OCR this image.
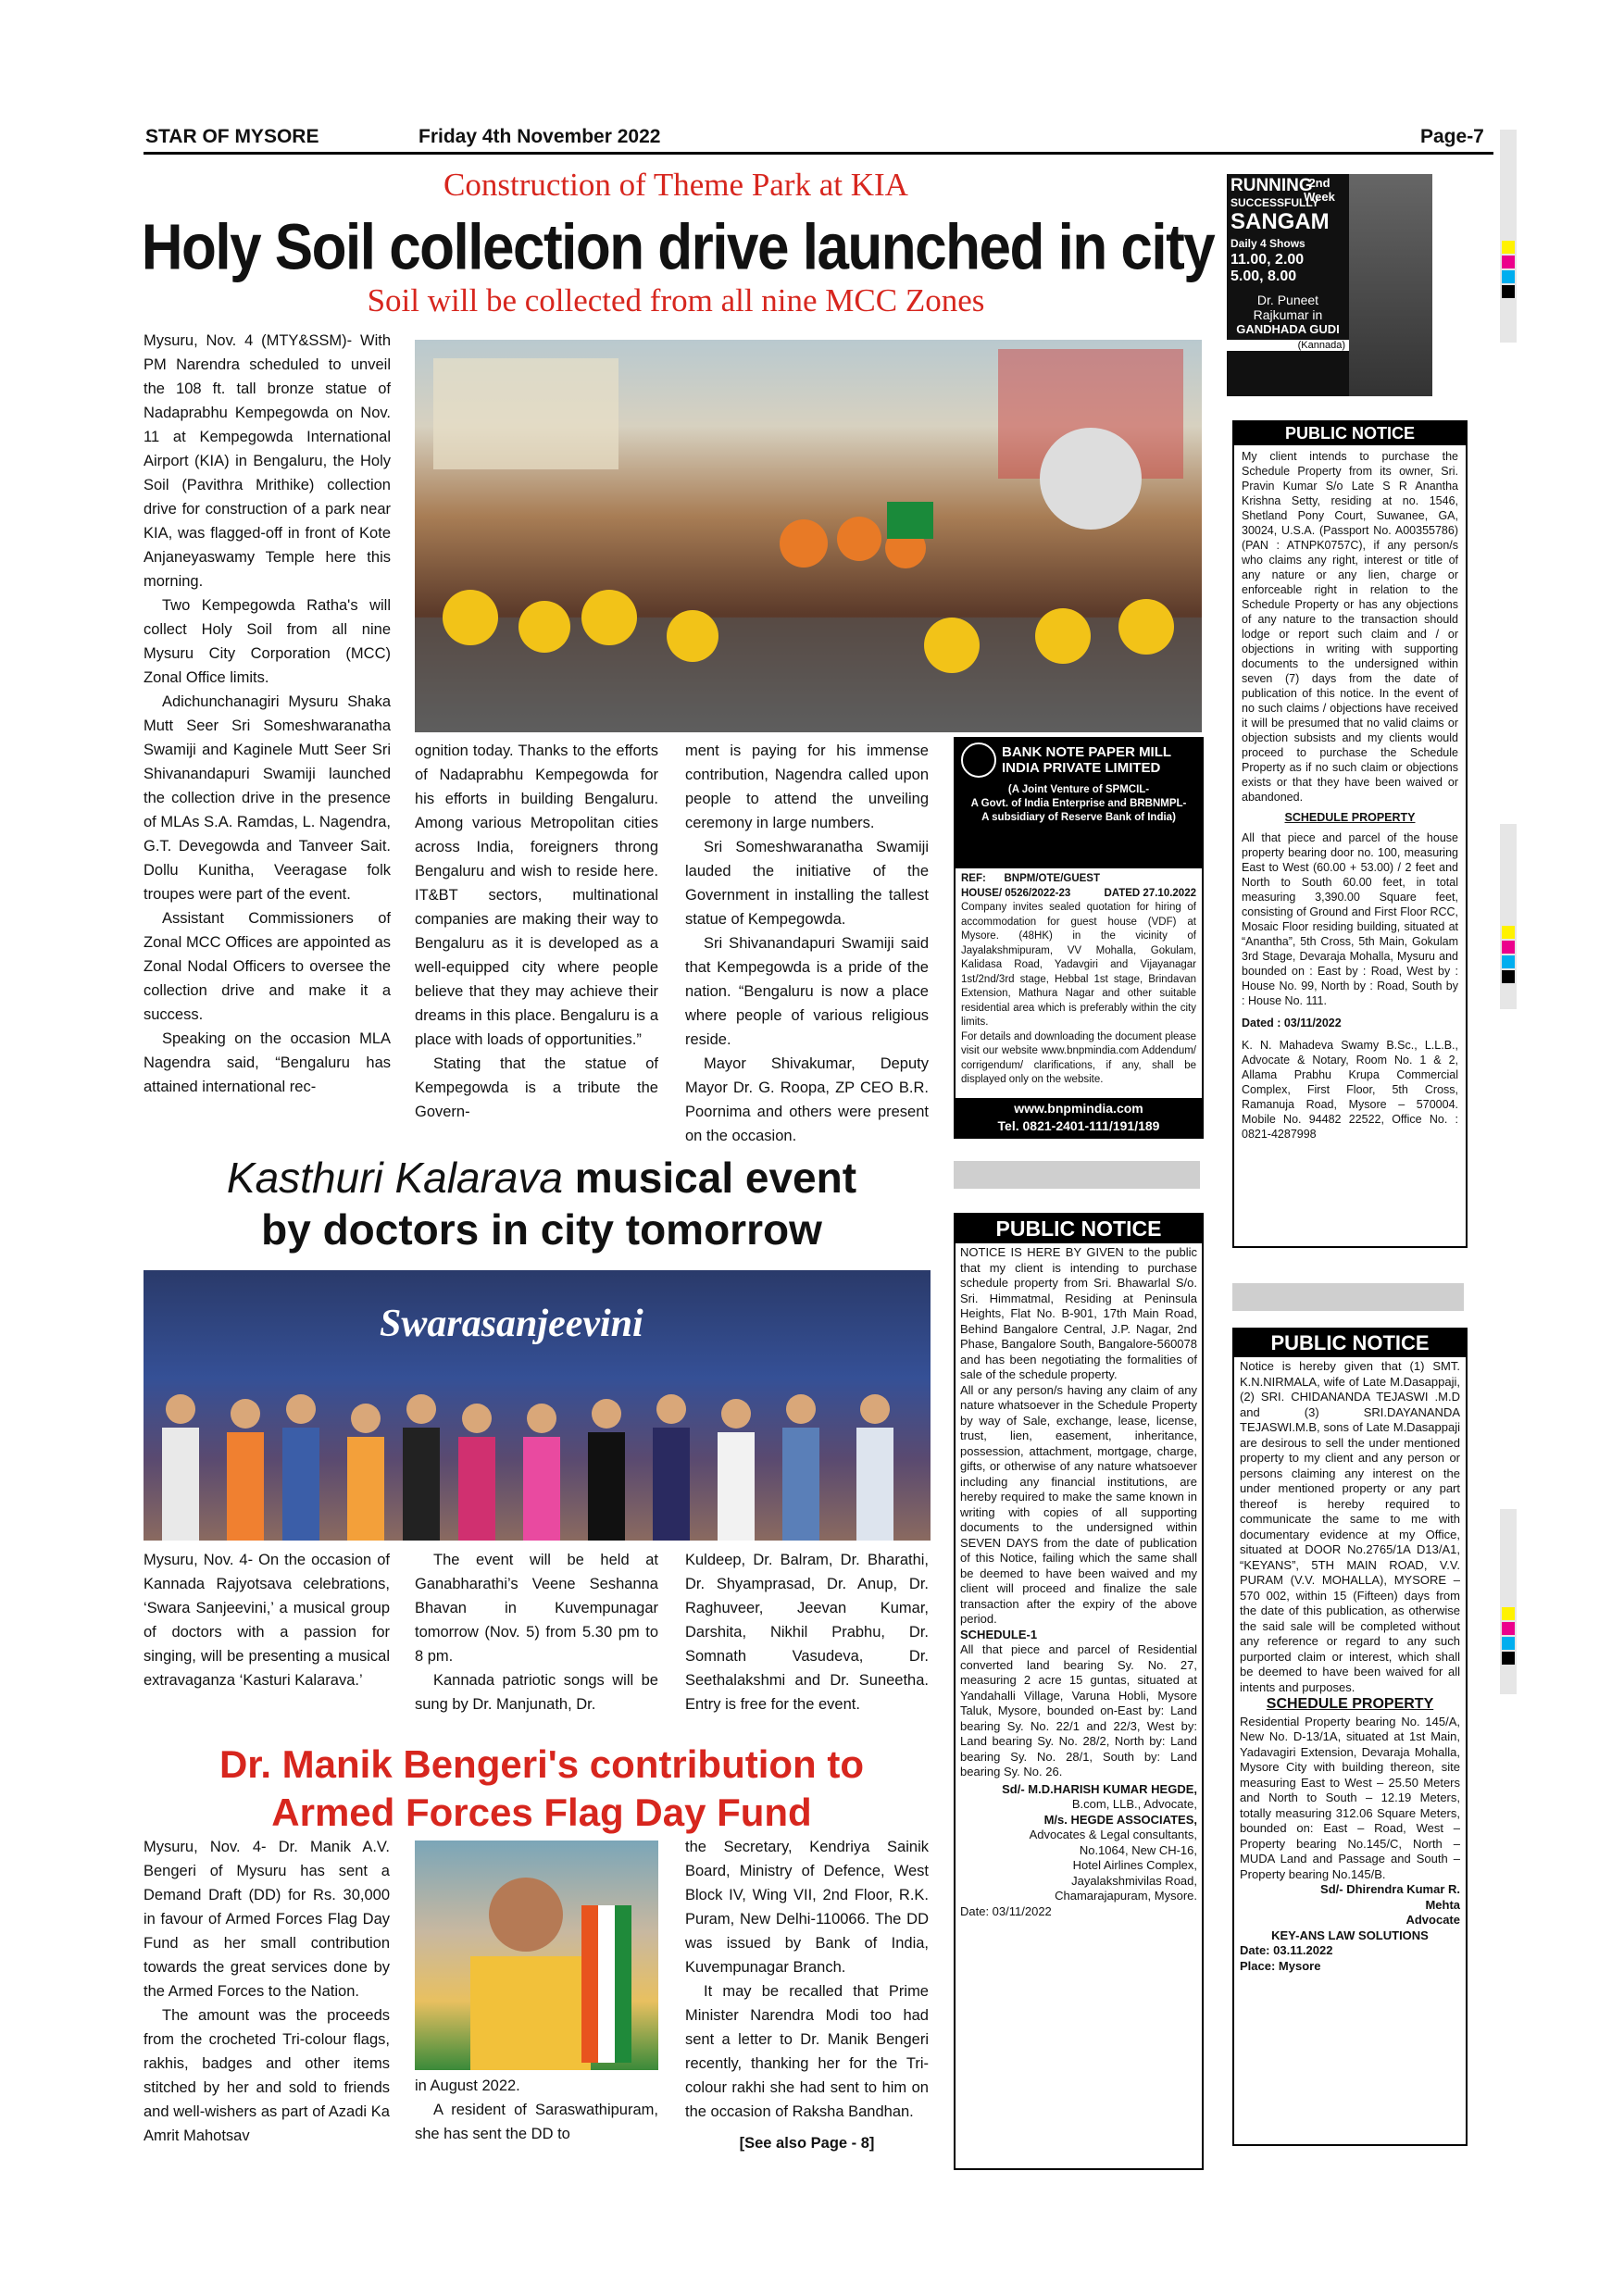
STAR OF MYSORE	Friday 4th November 2022	Page-7
Construction of Theme Park at KIA
Holy Soil collection drive launched in city
Soil will be collected from all nine MCC Zones

Mysuru, Nov. 4 (MTY&SSM)- With PM Narendra scheduled to unveil the 108 ft. tall bronze statue of Nadaprabhu Kempegowda on Nov. 11 at Kempegowda International Airport (KIA) in Bengaluru, the Holy Soil (Pavithra Mrithike) collection drive for construction of a park near KIA, was flagged-off in front of Kote Anjaneyaswamy Temple here this morning.

Two Kempegowda Ratha's will collect Holy Soil from all nine Mysuru City Corporation (MCC) Zonal Office limits.

Adichunchanagiri Mysuru Shaka Mutt Seer Sri Someshwaranatha Swamiji and Kaginele Mutt Seer Sri Shivanandapuri Swamiji launched the collection drive in the presence of MLAs S.A. Ramdas, L. Nagendra, G.T. Devegowda and Tanveer Sait. Dollu Kunitha, Veeragase folk troupes were part of the event.

Assistant Commissioners of Zonal MCC Offices are appointed as Zonal Nodal Officers to oversee the collection drive and make it a success.

Speaking on the occasion MLA Nagendra said, “Bengaluru has attained international rec-

ognition today. Thanks to the efforts of Nadaprabhu Kempegowda for his efforts in building Bengaluru. Among various Metropolitan cities across India, foreigners throng Bengaluru and wish to reside here. IT&BT sectors, multinational companies are making their way to Bengaluru as it is developed as a well-equipped city where people believe that they may achieve their dreams in this place. Bengaluru is a place with loads of opportunities.”

Stating that the statue of Kempegowda is a tribute the Govern-

ment is paying for his immense contribution, Nagendra called upon people to attend the unveiling ceremony in large numbers.

Sri Someshwaranatha Swamiji lauded the initiative of the Government in installing the tallest statue of Kempegowda.

Sri Shivanandapuri Swamiji said that Kempegowda is a pride of the nation. “Bengaluru is now a place where people of various religious reside.

Mayor Shivakumar, Deputy Mayor Dr. G. Roopa, ZP CEO B.R. Poornima and others were present on the occasion.

BANK NOTE PAPER MILL
INDIA PRIVATE LIMITED
(A Joint Venture of SPMCIL-
A Govt. of India Enterprise and BRBNMPL-
A subsidiary of Reserve Bank of India)
REF: BNPM/OTE/GUEST HOUSE/ 0526/2022-23	DATED 27.10.2022
Company invites sealed quotation for hiring of accommodation for guest house (VDF) at Mysore. (48HK) in the vicinity of Jayalakshmipuram, VV Mohalla, Gokulam, Kalidasa Road, Yadavgiri and Vijayanagar 1st/2nd/3rd stage, Hebbal 1st stage, Brindavan Extension, Mathura Nagar and other suitable residential area which is preferably within the city limits.
For details and downloading the document please visit our website www.bnpmindia.com Addendum/ corrigendum/ clarifications, if any, shall be displayed only on the website.
www.bnpmindia.com
Tel. 0821-2401-111/191/189
RUNNING
SUCCESSFULLY
SANGAM
Daily 4 Shows
11.00, 2.00
5.00, 8.00
Dr. Puneet
Rajkumar in
GANDHADA GUDI
(Kannada)
2nd Week
PUBLIC NOTICE

My client intends to purchase the Schedule Property from its owner, Sri. Pravin Kumar S/o Late S R Anantha Krishna Setty, residing at no. 1546, Shetland Pony Court, Suwanee, GA, 30024, U.S.A. (Passport No. A00355786) (PAN : ATNPK0757C), if any person/s who claims any right, interest or title of any nature or any lien, charge or enforceable right in relation to the Schedule Property or has any objections of any nature to the transaction should lodge or report such claim and / or objections in writing with supporting documents to the undersigned within seven (7) days from the date of publication of this notice. In the event of no such claims / objections have received it will be presumed that no valid claims or objection subsists and my clients would proceed to purchase the Schedule Property as if no such claim or objections exists or that they have been waived or abandoned.

SCHEDULE PROPERTY

All that piece and parcel of the house property bearing door no. 100, measuring East to West (60.00 + 53.00) / 2 feet and North to South 60.00 feet, in total measuring 3,390.00 Square feet, consisting of Ground and First Floor RCC, Mosaic Floor residing building, situated at “Anantha”, 5th Cross, 5th Main, Gokulam 3rd Stage, Devaraja Mohalla, Mysuru and bounded on : East by : Road, West by : House No. 99, North by : Road, South by : House No. 111.

Dated : 03/11/2022

K. N. Mahadeva Swamy B.Sc., L.L.B., Advocate & Notary, Room No. 1 & 2, Allama Prabhu Krupa Commercial Complex, First Floor, 5th Cross, Ramanuja Road, Mysore – 570004. Mobile No. 94482 22522, Office No. : 0821-4287998

Kasthuri Kalarava musical event
by doctors in city tomorrow
Swarasanjeevini

Mysuru, Nov. 4- On the occasion of Kannada Rajyotsava celebrations, ‘Swara Sanjeevini,’ a musical group of doctors with a passion for singing, will be presenting a musical extravaganza ‘Kasturi Kalarava.’

The event will be held at Ganabharathi’s Veene Seshanna Bhavan in Kuvempunagar tomorrow (Nov. 5) from 5.30 pm to 8 pm.

Kannada patriotic songs will be sung by Dr. Manjunath, Dr.

Kuldeep, Dr. Balram, Dr. Bharathi, Dr. Shyamprasad, Dr. Anup, Dr. Raghuveer, Jeevan Kumar, Darshita, Nikhil Prabhu, Dr. Somnath Vasudeva, Dr. Seethalakshmi and Dr. Suneetha. Entry is free for the event.

Dr. Manik Bengeri's contribution to
Armed Forces Flag Day Fund

Mysuru, Nov. 4- Dr. Manik A.V. Bengeri of Mysuru has sent a Demand Draft (DD) for Rs. 30,000 in favour of Armed Forces Flag Day Fund as her small contribution towards the great services done by the Armed Forces to the Nation.

The amount was the proceeds from the crocheted Tri-colour flags, rakhis, badges and other items stitched by her and sold to friends and well-wishers as part of Azadi Ka Amrit Mahotsav

in August 2022.

A resident of Saraswathipuram, she has sent the DD to

the Secretary, Kendriya Sainik Board, Ministry of Defence, West Block IV, Wing VII, 2nd Floor, R.K. Puram, New Delhi-110066. The DD was issued by Bank of India, Kuvempunagar Branch.

It may be recalled that Prime Minister Narendra Modi too had sent a letter to Dr. Manik Bengeri recently, thanking her for the Tri-colour rakhi she had sent to him on the occasion of Raksha Bandhan.

[See also Page - 8]
PUBLIC NOTICE

NOTICE IS HERE BY GIVEN to the public that my client is intending to purchase schedule property from Sri. Bhawarlal S/o. Sri. Himmatmal, Residing at Peninsula Heights, Flat No. B-901, 17th Main Road, Behind Bangalore Central, J.P. Nagar, 2nd Phase, Bangalore South, Bangalore-560078 and has been negotiating the formalities of sale of the schedule property.

All or any person/s having any claim of any nature whatsoever in the Schedule Property by way of Sale, exchange, lease, license, trust, lien, easement, inheritance, possession, attachment, mortgage, charge, gifts, or otherwise of any nature whatsoever including any financial institutions, are hereby required to make the same known in writing with copies of all supporting documents to the undersigned within SEVEN DAYS from the date of publication of this Notice, failing which the same shall be deemed to have been waived and my client will proceed and finalize the sale transaction after the expiry of the above period.

SCHEDULE-1

All that piece and parcel of Residential converted land bearing Sy. No. 27, measuring 2 acre 15 guntas, situated at Yandahalli Village, Varuna Hobli, Mysore Taluk, Mysore, bounded on-East by: Land bearing Sy. No. 22/1 and 22/3, West by: Land bearing Sy. No. 28/2, North by: Land bearing Sy. No. 28/1, South by: Land bearing Sy. No. 26.

Sd/- M.D.HARISH KUMAR HEGDE,
B.com, LLB., Advocate,
M/s. HEGDE ASSOCIATES,
Advocates & Legal consultants,
No.1064, New CH-16,
Hotel Airlines Complex,
Jayalakshmivilas Road,
Chamarajapuram, Mysore.

Date: 03/11/2022

PUBLIC NOTICE

Notice is hereby given that (1) SMT. K.N.NIRMALA, wife of Late M.Dasappaji, (2) SRI. CHIDANANDA TEJASWI .M.D and (3) SRI.DAYANANDA TEJASWI.M.B, sons of Late M.Dasappaji are desirous to sell the under mentioned property to my client and any person or persons claiming any interest on the under mentioned property or any part thereof is hereby required to communicate the same to me with documentary evidence at my Office, situated at DOOR No.2765/1A D13/A1, “KEYANS”, 5TH MAIN ROAD, V.V. PURAM (V.V. MOHALLA), MYSORE – 570 002, within 15 (Fifteen) days from the date of this publication, as otherwise the said sale will be completed without any reference or regard to any such purported claim or interest, which shall be deemed to have been waived for all intents and purposes.

SCHEDULE PROPERTY

Residential Property bearing No. 145/A, New No. D-13/1A, situated at 1st Main, Yadavagiri Extension, Devaraja Mohalla, Mysore City with building thereon, site measuring East to West – 25.50 Meters and North to South – 12.19 Meters, totally measuring 312.06 Square Meters, bounded on: East – Road, West – Property bearing No.145/C, North – MUDA Land and Passage and South – Property bearing No.145/B.

Sd/- Dhirendra Kumar R.
Mehta
Advocate
KEY-ANS LAW SOLUTIONS
Date: 03.11.2022
Place: Mysore
